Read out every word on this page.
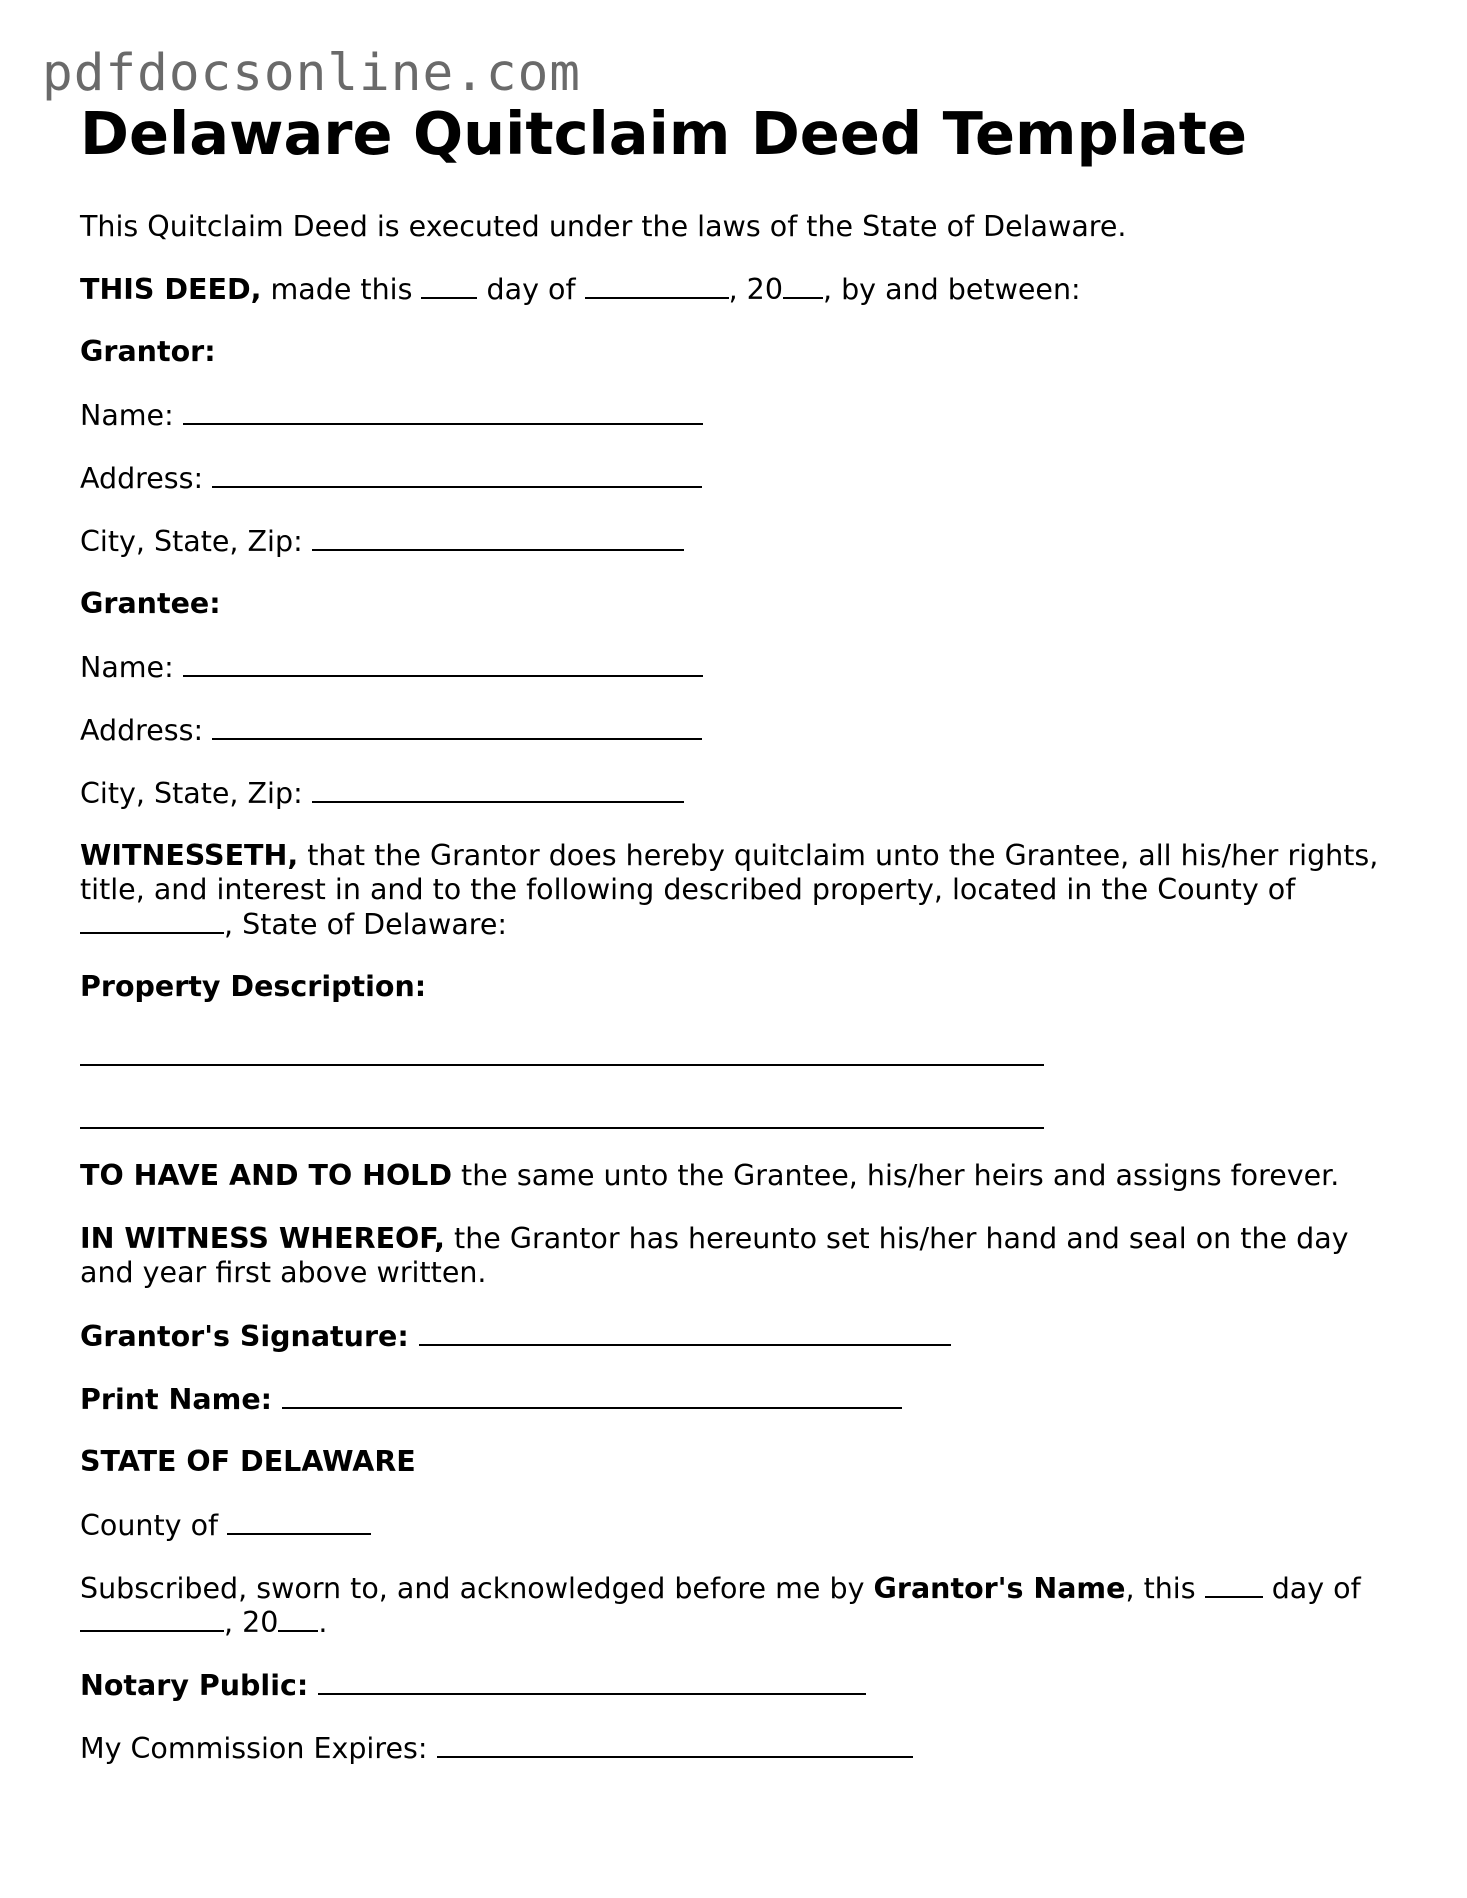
pdfdocsonline.com
Delaware Quitclaim Deed Template

This Quitclaim Deed is executed under the laws of the State of Delaware.

THIS DEED, made this  day of	, 20 , by and between:

Grantor:

Name:

Address:

City, State, Zip:

Grantee:

Name:

Address:

City, State, Zip:

WITNESSETH, that the Grantor does hereby quitclaim unto the Grantee, all his/her rights,

title, and interest in and to the following described property, located in the County of

, State of Delaware:

Property Description:

TO HAVE AND TO HOLD the same unto the Grantee, his/her heirs and assigns forever.

IN WITNESS WHEREOF, the Grantor has hereunto set his/her hand and seal on the day

and year first above written.

Grantor's Signature:

Print Name:

STATE OF DELAWARE

County of

Subscribed, sworn to, and acknowledged before me by Grantor's Name, this  day of

, 20 .

Notary Public:

My Commission Expires:
